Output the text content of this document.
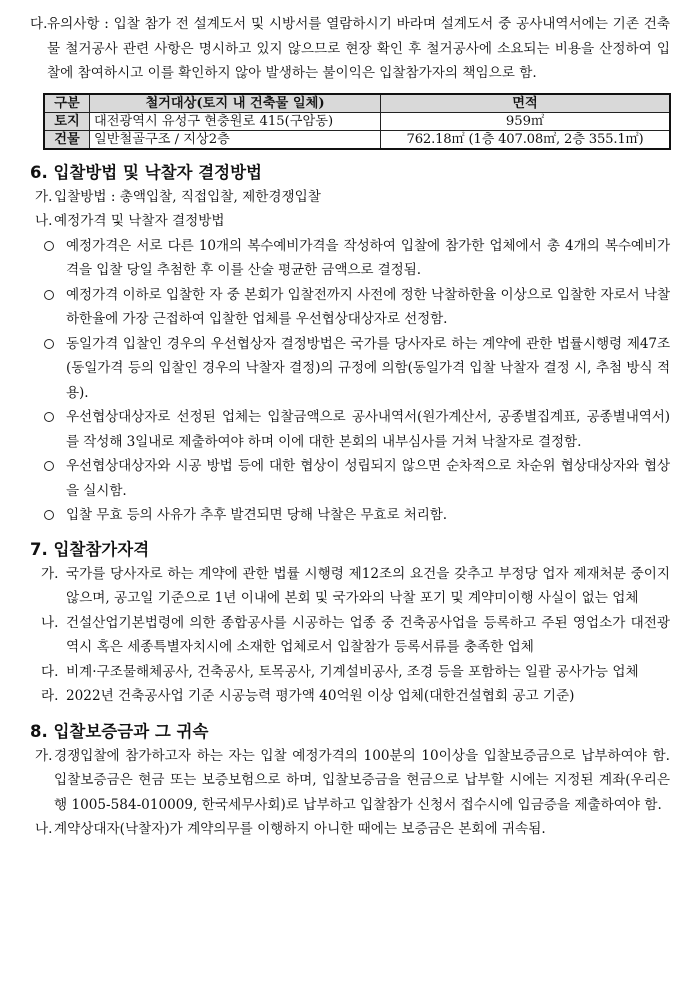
다. 유의사항 : 입찰 참가 전 설계도서 및 시방서를 열람하시기 바라며 설계도서 중 공사내역서에는 기존 건축물 철거공사 관련 사항은 명시하고 있지 않으므로 현장 확인 후 철거공사에 소요되는 비용을 산정하여 입찰에 참여하시고 이를 확인하지 않아 발생하는 불이익은 입찰참가자의 책임으로 함.
구분	철거대상(토지 내 건축물 일체)	면적
토지	대전광역시 유성구 현충원로 415(구암동)	959㎡
건물	일반철골구조 / 지상2층	762.18㎡ (1층 407.08㎡, 2층 355.1㎡)
6. 입찰방법 및 낙찰자 결정방법
가. 입찰방법 : 총액입찰, 직접입찰, 제한경쟁입찰
나. 예정가격 및 낙찰자 결정방법
예정가격은 서로 다른 10개의 복수예비가격을 작성하여 입찰에 참가한 업체에서 총 4개의 복수예비가격을 입찰 당일 추첨한 후 이를 산술 평균한 금액으로 결정됨.
예정가격 이하로 입찰한 자 중 본회가 입찰전까지 사전에 정한 낙찰하한율 이상으로 입찰한 자로서 낙찰하한율에 가장 근접하여 입찰한 업체를 우선협상대상자로 선정함.
동일가격 입찰인 경우의 우선협상자 결정방법은 국가를 당사자로 하는 계약에 관한 법률시행령 제47조(동일가격 등의 입찰인 경우의 낙찰자 결정)의 규정에 의함(동일가격 입찰 낙찰자 결정 시, 추첨 방식 적용).
우선협상대상자로 선정된 업체는 입찰금액으로 공사내역서(원가계산서, 공종별집계표, 공종별내역서)를 작성해 3일내로 제출하여야 하며 이에 대한 본회의 내부심사를 거쳐 낙찰자로 결정함.
우선협상대상자와 시공 방법 등에 대한 협상이 성립되지 않으면 순차적으로 차순위 협상대상자와 협상을 실시함.
입찰 무효 등의 사유가 추후 발견되면 당해 낙찰은 무효로 처리함.
7. 입찰참가자격
가. 국가를 당사자로 하는 계약에 관한 법률 시행령 제12조의 요건을 갖추고 부정당 업자 제재처분 중이지 않으며, 공고일 기준으로 1년 이내에 본회 및 국가와의 낙찰 포기 및 계약미이행 사실이 없는 업체
나. 건설산업기본법령에 의한 종합공사를 시공하는 업종 중 건축공사업을 등록하고 주된 영업소가 대전광역시 혹은 세종특별자치시에 소재한 업체로서 입찰참가 등록서류를 충족한 업체
다. 비계·구조물해체공사, 건축공사, 토목공사, 기계설비공사, 조경 등을 포함하는 일괄 공사가능 업체
라. 2022년 건축공사업 기준 시공능력 평가액 40억원 이상 업체(대한건설협회 공고 기준)
8. 입찰보증금과 그 귀속
가. 경쟁입찰에 참가하고자 하는 자는 입찰 예정가격의 100분의 10이상을 입찰보증금으로 납부하여야 함. 입찰보증금은 현금 또는 보증보험으로 하며, 입찰보증금을 현금으로 납부할 시에는 지정된 계좌(우리은행 1005-584-010009, 한국세무사회)로 납부하고 입찰참가 신청서 접수시에 입금증을 제출하여야 함.
나. 계약상대자(낙찰자)가 계약의무를 이행하지 아니한 때에는 보증금은 본회에 귀속됨.
